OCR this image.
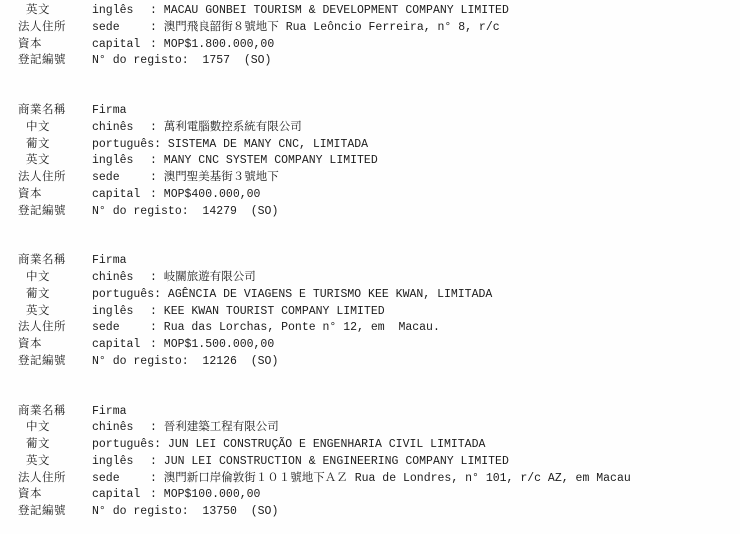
英文	inglês	: MACAU GONBEI TOURISM & DEVELOPMENT COMPANY LIMITED
法人住所	sede	: 澳門飛良韶街８號地下 Rua Leôncio Ferreira, n° 8, r/c
資本	capital : MOP$1.800.000,00
登記編號	N° do registo: 1757  (SO)
商業名稱	Firma
中文	chinês	: 萬利電腦數控系統有限公司
葡文	português : SISTEMA DE MANY CNC, LIMITADA
英文	inglês	: MANY CNC SYSTEM COMPANY LIMITED
法人住所	sede	: 澳門聖美基街３號地下
資本	capital : MOP$400.000,00
登記編號	N° do registo: 14279  (SO)
商業名稱	Firma
中文	chinês	: 岐關旅遊有限公司
葡文	português : AGÊNCIA DE VIAGENS E TURISMO KEE KWAN, LIMITADA
英文	inglês	: KEE KWAN TOURIST COMPANY LIMITED
法人住所	sede	: Rua das Lorchas, Ponte n° 12, em  Macau.
資本	capital : MOP$1.500.000,00
登記編號	N° do registo: 12126  (SO)
商業名稱	Firma
中文	chinês	: 晉利建築工程有限公司
葡文	português : JUN LEI CONSTRUÇÃO E ENGENHARIA CIVIL LIMITADA
英文	inglês	: JUN LEI CONSTRUCTION & ENGINEERING COMPANY LIMITED
法人住所	sede	: 澳門新口岸倫敦街１０１號地下ＡＺ Rua de Londres, n° 101, r/c AZ, em Macau
資本	capital : MOP$100.000,00
登記編號	N° do registo: 13750  (SO)
